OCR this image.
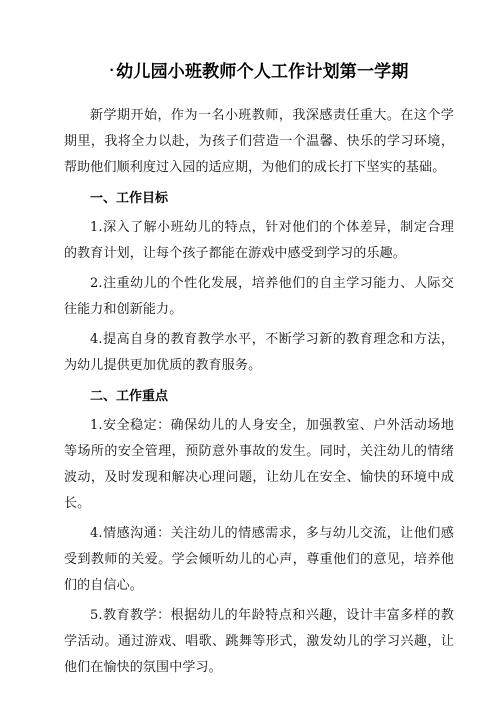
· 幼儿园小班教师个人工作计划第一学期

新学期开始，作为一名小班教师，我深感责任重大。在这个学期里，我将全力以赴，为孩子们营造一个温馨、快乐的学习环境，帮助他们顺利度过入园的适应期，为他们的成长打下坚实的基础。

一、工作目标

1.深入了解小班幼儿的特点，针对他们的个体差异，制定合理的教育计划，让每个孩子都能在游戏中感受到学习的乐趣。

2.注重幼儿的个性化发展，培养他们的自主学习能力、人际交往能力和创新能力。

4.提高自身的教育教学水平，不断学习新的教育理念和方法，为幼儿提供更加优质的教育服务。

二、工作重点

1.安全稳定：确保幼儿的人身安全，加强教室、户外活动场地等场所的安全管理，预防意外事故的发生。同时，关注幼儿的情绪波动，及时发现和解决心理问题，让幼儿在安全、愉快的环境中成长。

4.情感沟通：关注幼儿的情感需求，多与幼儿交流，让他们感受到教师的关爱。学会倾听幼儿的心声，尊重他们的意见，培养他们的自信心。

5.教育教学：根据幼儿的年龄特点和兴趣，设计丰富多样的教学活动。通过游戏、唱歌、跳舞等形式，激发幼儿的学习兴趣，让他们在愉快的氛围中学习。
